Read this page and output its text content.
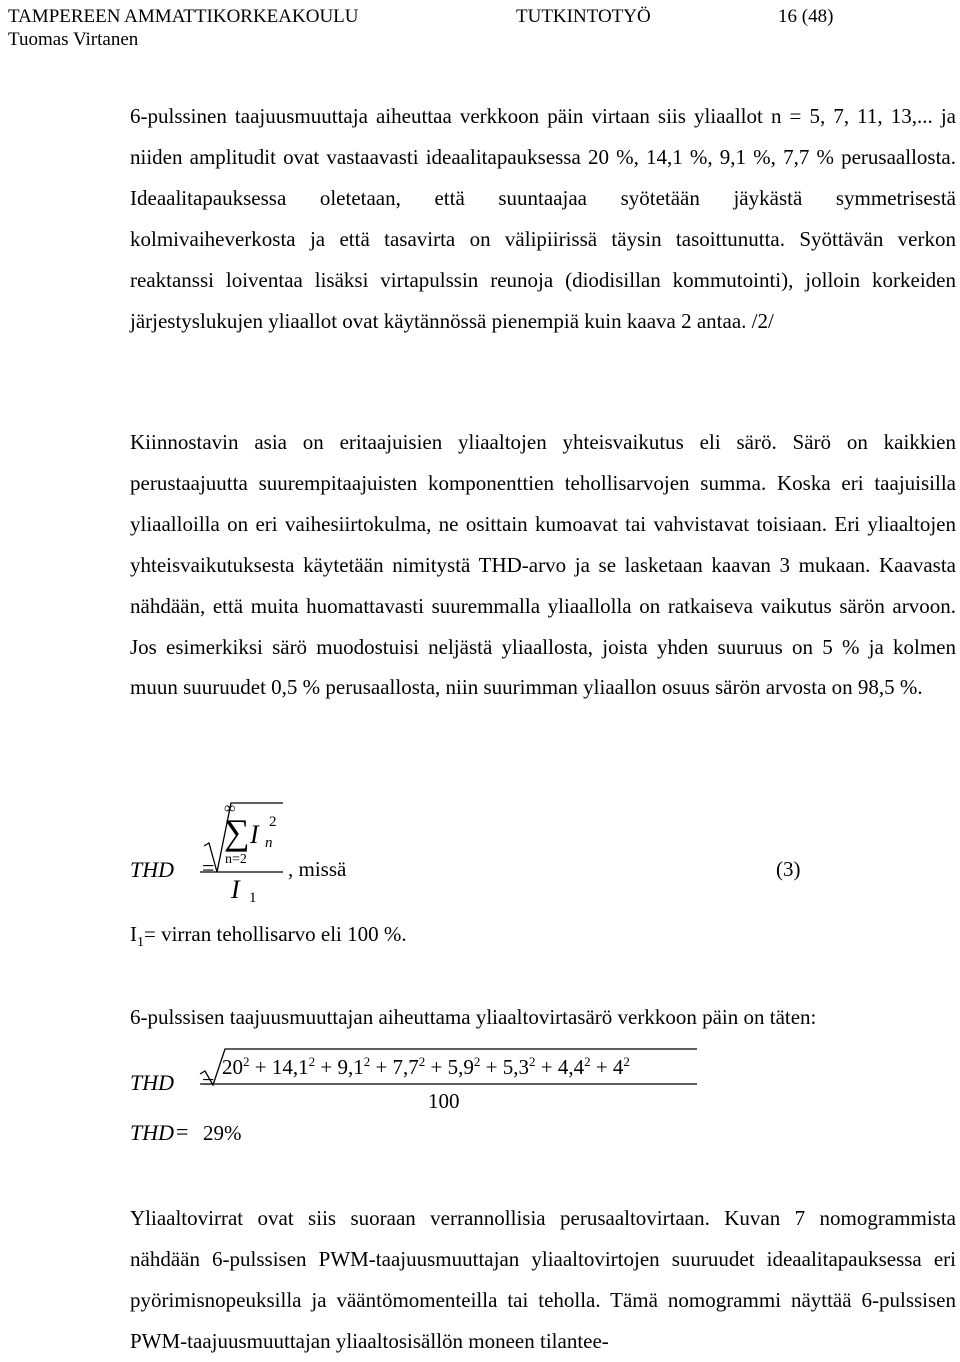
TAMPEREEN AMMATTIKORKEAKOULU	TUTKINTOTYÖ	16 (48)
Tuomas Virtanen

6-pulssinen taajuusmuuttaja aiheuttaa verkkoon päin virtaan siis yliaallot n = 5, 7, 11, 13,... ja niiden amplitudit ovat vastaavasti ideaalitapauksessa 20 %, 14,1 %, 9,1 %, 7,7 % perusaallosta. Ideaalitapauksessa oletetaan, että suuntaajaa syötetään jäykästä symmetrisestä kolmivaiheverkosta ja että tasavirta on välipiirissä täysin tasoittunutta. Syöttävän verkon reaktanssi loiventaa lisäksi virtapulssin reunoja (diodisillan kommutointi), jolloin korkeiden järjestyslukujen yliaallot ovat käytännössä pienempiä kuin kaava 2 antaa. /2/

Kiinnostavin asia on eritaajuisien yliaaltojen yhteisvaikutus eli särö. Särö on kaikkien perustaajuutta suurempitaajuisten komponenttien tehollisarvojen summa. Koska eri taajuisilla yliaalloilla on eri vaihesiirtokulma, ne osittain kumoavat tai vahvistavat toisiaan. Eri yliaaltojen yhteisvaikutuksesta käytetään nimitystä THD-arvo ja se lasketaan kaavan 3 mukaan. Kaavasta nähdään, että muita huomattavasti suuremmalla yliaallolla on ratkaiseva vaikutus särön arvoon. Jos esimerkiksi särö muodostuisi neljästä yliaallosta, joista yhden suuruus on 5 % ja kolmen muun suuruudet 0,5 % perusaallosta, niin suurimman yliaallon osuus särön arvosta on 98,5 %.

THD =
∞
∑
n=2
I n
2
I 1
, missä	(3)
$I_1=$ virran tehollisarvo eli 100 %.
6-pulssisen taajuusmuuttajan aiheuttama yliaaltovirtasärö verkkoon päin on täten:
THD =
$20^2 + 14,1^2 + 9,1^2 + 7,7^2 + 5,9^2 + 5,3^2 + 4,4^2 + 4^2$
100
THD = 29%

Yliaaltovirrat ovat siis suoraan verrannollisia perusaaltovirtaan. Kuvan 7 nomogrammista nähdään 6-pulssisen PWM-taajuusmuuttajan yliaaltovirtojen suuruudet ideaalitapauksessa eri pyörimisnopeuksilla ja vääntömomenteilla tai teholla. Tämä nomogrammi näyttää 6-pulssisen PWM-taajuusmuuttajan yliaaltosisällön moneen tilantee-
